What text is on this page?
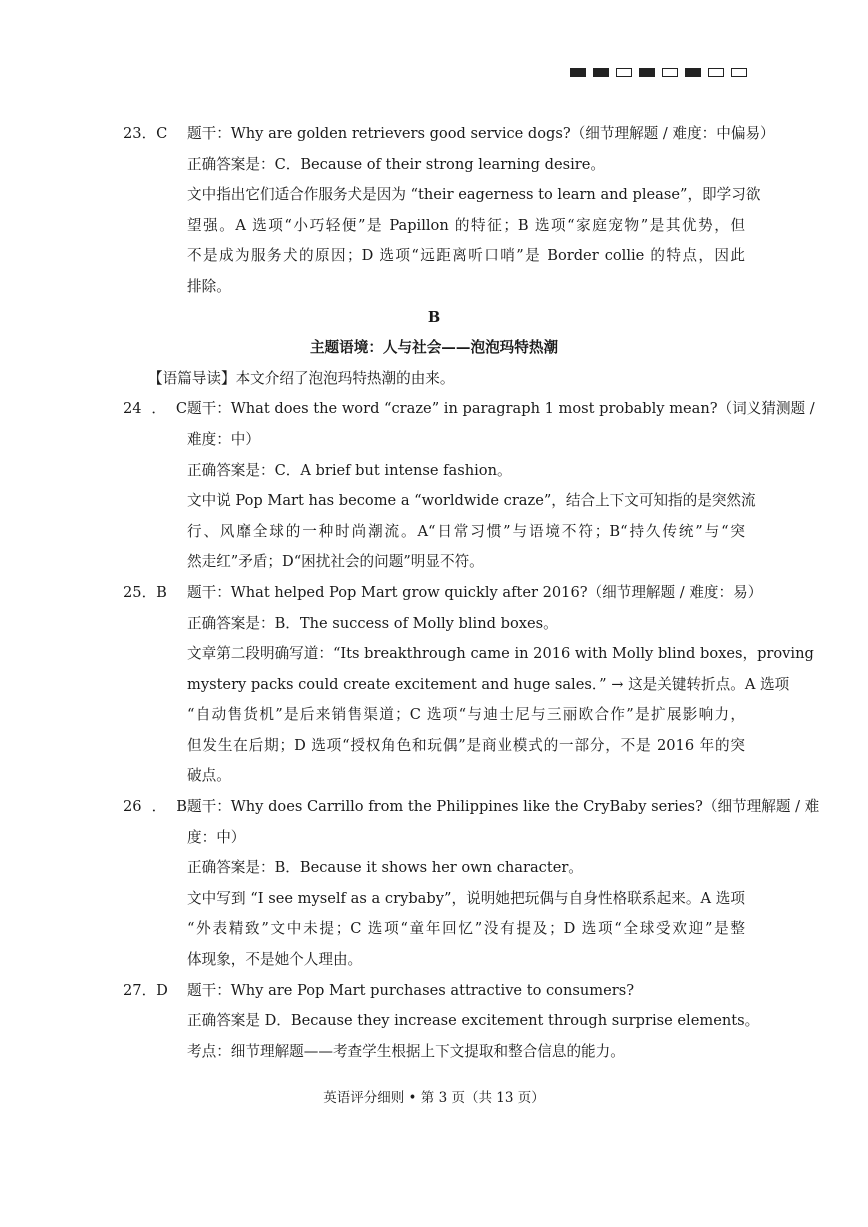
23．C 题干：Why are golden retrievers good service dogs?（细节理解题 / 难度：中偏易）
正确答案是：C．Because of their strong learning desire。
文中指出它们适合作服务犬是因为 “their eagerness to learn and please”，即学习欲
望强。A 选项“小巧轻便”是 Papillon 的特征；B 选项“家庭宠物”是其优势，但
不是成为服务犬的原因；D 选项“远距离听口哨”是 Border collie 的特点，因此
排除。
B
主题语境：人与社会——泡泡玛特热潮
【语篇导读】本文介绍了泡泡玛特热潮的由来。
24．C题干：What does the word “craze” in paragraph 1 most probably mean?（词义猜测题 /
难度：中）
正确答案是：C．A brief but intense fashion。
文中说 Pop Mart has become a “worldwide craze”，结合上下文可知指的是突然流
行、风靡全球的一种时尚潮流。A“日常习惯”与语境不符；B“持久传统”与“突
然走红”矛盾；D“困扰社会的问题”明显不符。
25．B 题干：What helped Pop Mart grow quickly after 2016?（细节理解题 / 难度：易）
正确答案是：B．The success of Molly blind boxes。
文章第二段明确写道：“Its breakthrough came in 2016 with Molly blind boxes，proving
mystery packs could create excitement and huge sales．” → 这是关键转折点。A 选项
“自动售货机”是后来销售渠道；C 选项“与迪士尼与三丽欧合作”是扩展影响力，
但发生在后期；D 选项“授权角色和玩偶”是商业模式的一部分，不是 2016 年的突
破点。
26．B题干：Why does Carrillo from the Philippines like the CryBaby series?（细节理解题 / 难
度：中）
正确答案是：B．Because it shows her own character。
文中写到 “I see myself as a crybaby”，说明她把玩偶与自身性格联系起来。A 选项
“外表精致”文中未提；C 选项“童年回忆”没有提及；D 选项“全球受欢迎”是整
体现象，不是她个人理由。
27．D 题干：Why are Pop Mart purchases attractive to consumers?
正确答案是 D．Because they increase excitement through surprise elements。
考点：细节理解题——考查学生根据上下文提取和整合信息的能力。
英语评分细则 • 第 3 页（共 13 页）
